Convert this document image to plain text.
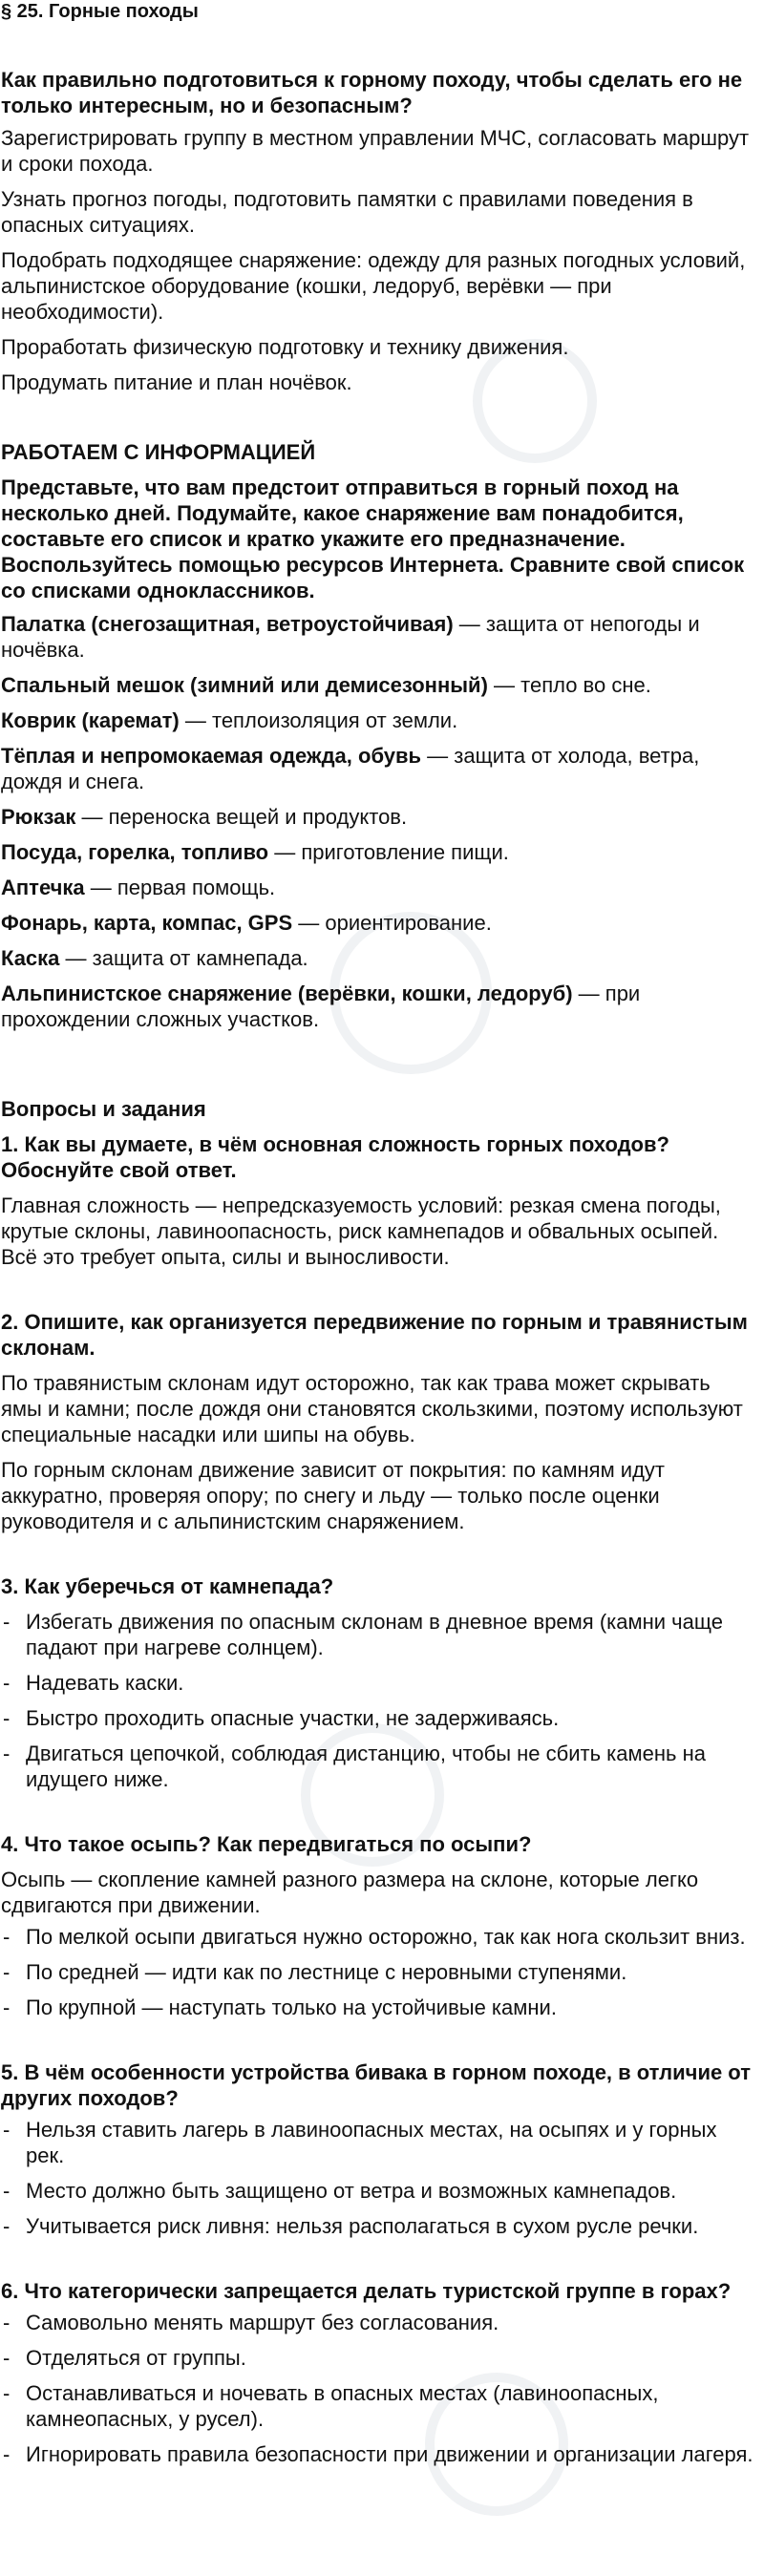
§ 25. Горные походы

Как правильно подготовиться к горному походу, чтобы сделать его не только интересным, но и безопасным?

Зарегистрировать группу в местном управлении МЧС, согласовать маршрут и сроки похода.

Узнать прогноз погоды, подготовить памятки с правилами поведения в опасных ситуациях.

Подобрать подходящее снаряжение: одежду для разных погодных условий, альпинистское оборудование (кошки, ледоруб, верёвки — при необходимости).

Проработать физическую подготовку и технику движения.

Продумать питание и план ночёвок.

РАБОТАЕМ С ИНФОРМАЦИЕЙ

Представьте, что вам предстоит отправиться в горный поход на несколько дней. Подумайте, какое снаряжение вам понадобится, составьте его список и кратко укажите его предназначение. Воспользуйтесь помощью ресурсов Интернета. Сравните свой список со списками одноклассников.

Палатка (снегозащитная, ветроустойчивая) — защита от непогоды и ночёвка.

Спальный мешок (зимний или демисезонный) — тепло во сне.

Коврик (каремат) — теплоизоляция от земли.

Тёплая и непромокаемая одежда, обувь — защита от холода, ветра, дождя и снега.

Рюкзак — переноска вещей и продуктов.

Посуда, горелка, топливо — приготовление пищи.

Аптечка — первая помощь.

Фонарь, карта, компас, GPS — ориентирование.

Каска — защита от камнепада.

Альпинистское снаряжение (верёвки, кошки, ледоруб) — при прохождении сложных участков.

Вопросы и задания

1. Как вы думаете, в чём основная сложность горных походов? Обоснуйте свой ответ.

Главная сложность — непредсказуемость условий: резкая смена погоды, крутые склоны, лавиноопасность, риск камнепадов и обвальных осыпей. Всё это требует опыта, силы и выносливости.

2. Опишите, как организуется передвижение по горным и травянистым склонам.

По травянистым склонам идут осторожно, так как трава может скрывать ямы и камни; после дождя они становятся скользкими, поэтому используют специальные насадки или шипы на обувь.

По горным склонам движение зависит от покрытия: по камням идут аккуратно, проверяя опору; по снегу и льду — только после оценки руководителя и с альпинистским снаряжением.

3. Как уберечься от камнепада?

- Избегать движения по опасным склонам в дневное время (камни чаще падают при нагреве солнцем).
- Надевать каски.
- Быстро проходить опасные участки, не задерживаясь.
- Двигаться цепочкой, соблюдая дистанцию, чтобы не сбить камень на идущего ниже.

4. Что такое осыпь? Как передвигаться по осыпи?

Осыпь — скопление камней разного размера на склоне, которые легко сдвигаются при движении.

- По мелкой осыпи двигаться нужно осторожно, так как нога скользит вниз.
- По средней — идти как по лестнице с неровными ступенями.
- По крупной — наступать только на устойчивые камни.

5. В чём особенности устройства бивака в горном походе, в отличие от других походов?

- Нельзя ставить лагерь в лавиноопасных местах, на осыпях и у горных рек.
- Место должно быть защищено от ветра и возможных камнепадов.
- Учитывается риск ливня: нельзя располагаться в сухом русле речки.

6. Что категорически запрещается делать туристской группе в горах?

- Самовольно менять маршрут без согласования.
- Отделяться от группы.
- Останавливаться и ночевать в опасных местах (лавиноопасных, камнеопасных, у русел).
- Игнорировать правила безопасности при движении и организации лагеря.
